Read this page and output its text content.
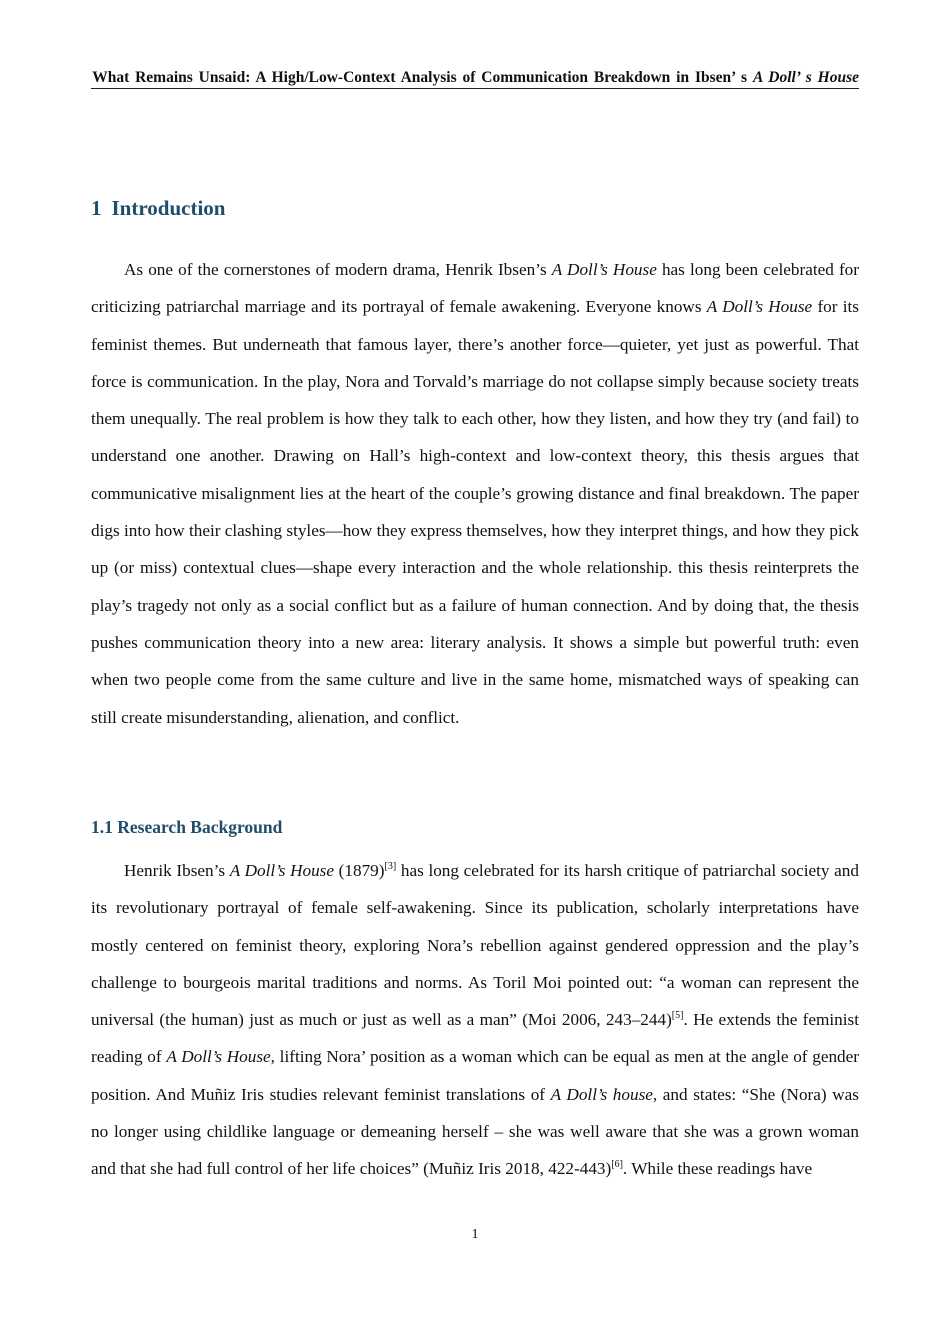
What Remains Unsaid: A High/Low-Context Analysis of Communication Breakdown in Ibsen’ s A Doll’ s House
1 Introduction

As one of the cornerstones of modern drama, Henrik Ibsen’s A Doll’s House has long been celebrated for criticizing patriarchal marriage and its portrayal of female awakening. Everyone knows A Doll’s House for its feminist themes. But underneath that famous layer, there’s another force—quieter, yet just as powerful. That force is communication. In the play, Nora and Torvald’s marriage do not collapse simply because society treats them unequally. The real problem is how they talk to each other, how they listen, and how they try (and fail) to understand one another. Drawing on Hall’s high-context and low-context theory, this thesis argues that communicative misalignment lies at the heart of the couple’s growing distance and final breakdown. The paper digs into how their clashing styles—how they express themselves, how they interpret things, and how they pick up (or miss) contextual clues—shape every interaction and the whole relationship. this thesis reinterprets the play’s tragedy not only as a social conflict but as a failure of human connection. And by doing that, the thesis pushes communication theory into a new area: literary analysis. It shows a simple but powerful truth: even when two people come from the same culture and live in the same home, mismatched ways of speaking can still create misunderstanding, alienation, and conflict.

1.1 Research Background

Henrik Ibsen’s A Doll’s House (1879)[3] has long celebrated for its harsh critique of patriarchal society and its revolutionary portrayal of female self-awakening. Since its publication, scholarly interpretations have mostly centered on feminist theory, exploring Nora’s rebellion against gendered oppression and the play’s challenge to bourgeois marital traditions and norms. As Toril Moi pointed out: “a woman can represent the universal (the human) just as much or just as well as a man” (Moi 2006, 243–244)[5]. He extends the feminist reading of A Doll’s House, lifting Nora’ position as a woman which can be equal as men at the angle of gender position. And Muñiz Iris studies relevant feminist translations of A Doll’s house, and states: “She (Nora) was no longer using childlike language or demeaning herself – she was well aware that she was a grown woman and that she had full control of her life choices” (Muñiz Iris 2018, 422-443)[6]. While these readings have

1
